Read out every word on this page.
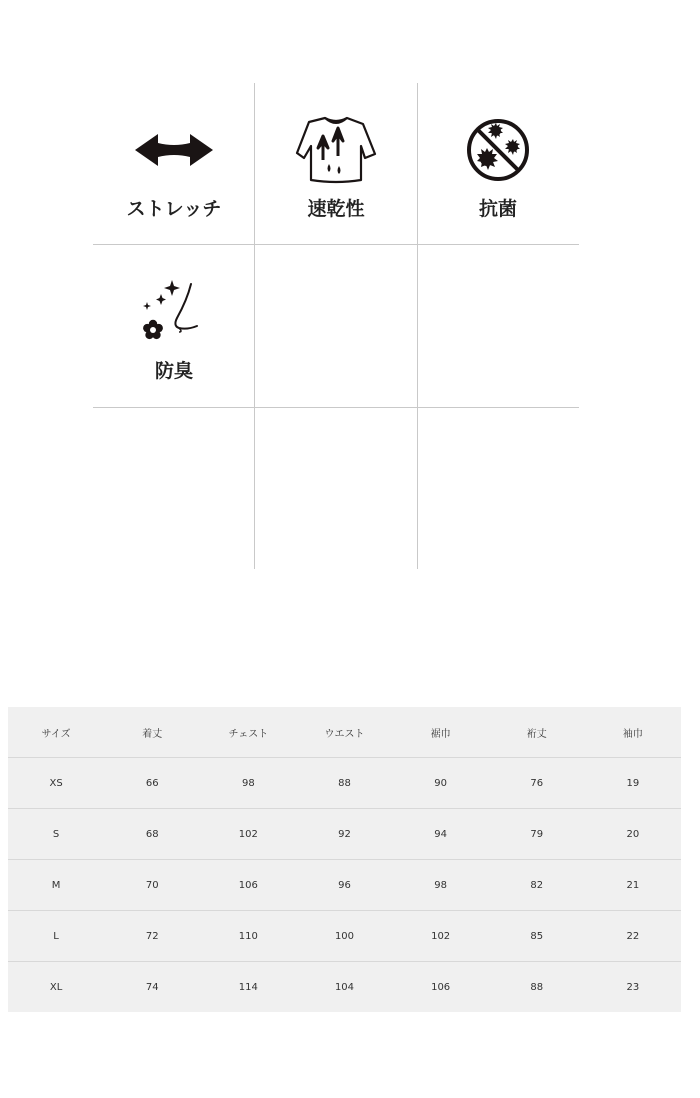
ストレッチ	速乾性	抗菌
防臭
サイズ	着丈	チェスト	ウエスト	裾巾	裄丈	袖巾
XS	66	98	88	90	76	19
S	68	102	92	94	79	20
M	70	106	96	98	82	21
L	72	110	100	102	85	22
XL	74	114	104	106	88	23
